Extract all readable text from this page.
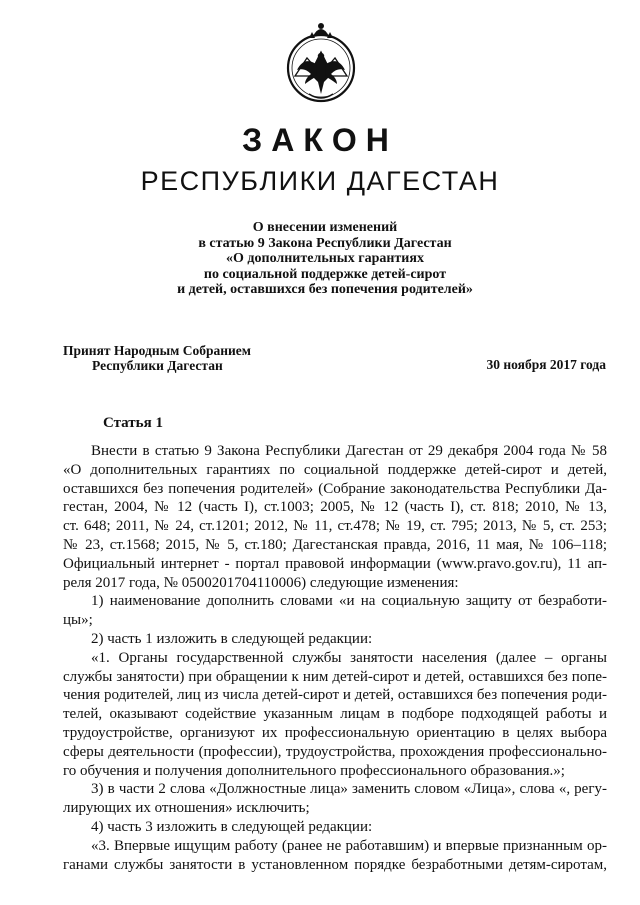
ЗАКОН
РЕСПУБЛИКИ ДАГЕСТАН
О внесении изменений
в статью 9 Закона Республики Дагестан
«О дополнительных гарантиях
по социальной поддержке детей-сирот
и детей, оставшихся без попечения родителей»
Принят Народным Собранием
Республики Дагестан	30 ноября 2017 года
Статья 1
Внести в статью 9 Закона Республики Дагестан от 29 декабря 2004 года № 58
«О дополнительных гарантиях по социальной поддержке детей-сирот и детей,
оставшихся без попечения родителей» (Собрание законодательства Республики Да-
гестан, 2004, № 12 (часть I), ст.1003; 2005, № 12 (часть I), ст. 818; 2010, № 13,
ст. 648; 2011, № 24, ст.1201; 2012, № 11, ст.478; № 19, ст. 795; 2013, № 5, ст. 253;
№ 23, ст.1568; 2015, № 5, ст.180; Дагестанская правда, 2016, 11 мая, № 106–118;
Официальный интернет - портал правовой информации (www.pravo.gov.ru), 11 ап-
реля 2017 года, № 0500201704110006) следующие изменения:
1) наименование дополнить словами «и на социальную защиту от безработи-
цы»;
2) часть 1 изложить в следующей редакции:
«1. Органы государственной службы занятости населения (далее – органы
службы занятости) при обращении к ним детей-сирот и детей, оставшихся без попе-
чения родителей, лиц из числа детей-сирот и детей, оставшихся без попечения роди-
телей, оказывают содействие указанным лицам в подборе подходящей работы и
трудоустройстве, организуют их профессиональную ориентацию в целях выбора
сферы деятельности (профессии), трудоустройства, прохождения профессионально-
го обучения и получения дополнительного профессионального образования.»;
3) в части 2 слова «Должностные лица» заменить словом «Лица», слова «, регу-
лирующих их отношения» исключить;
4) часть 3 изложить в следующей редакции:
«3. Впервые ищущим работу (ранее не работавшим) и впервые признанным ор-
ганами службы занятости в установленном порядке безработными детям-сиротам,
